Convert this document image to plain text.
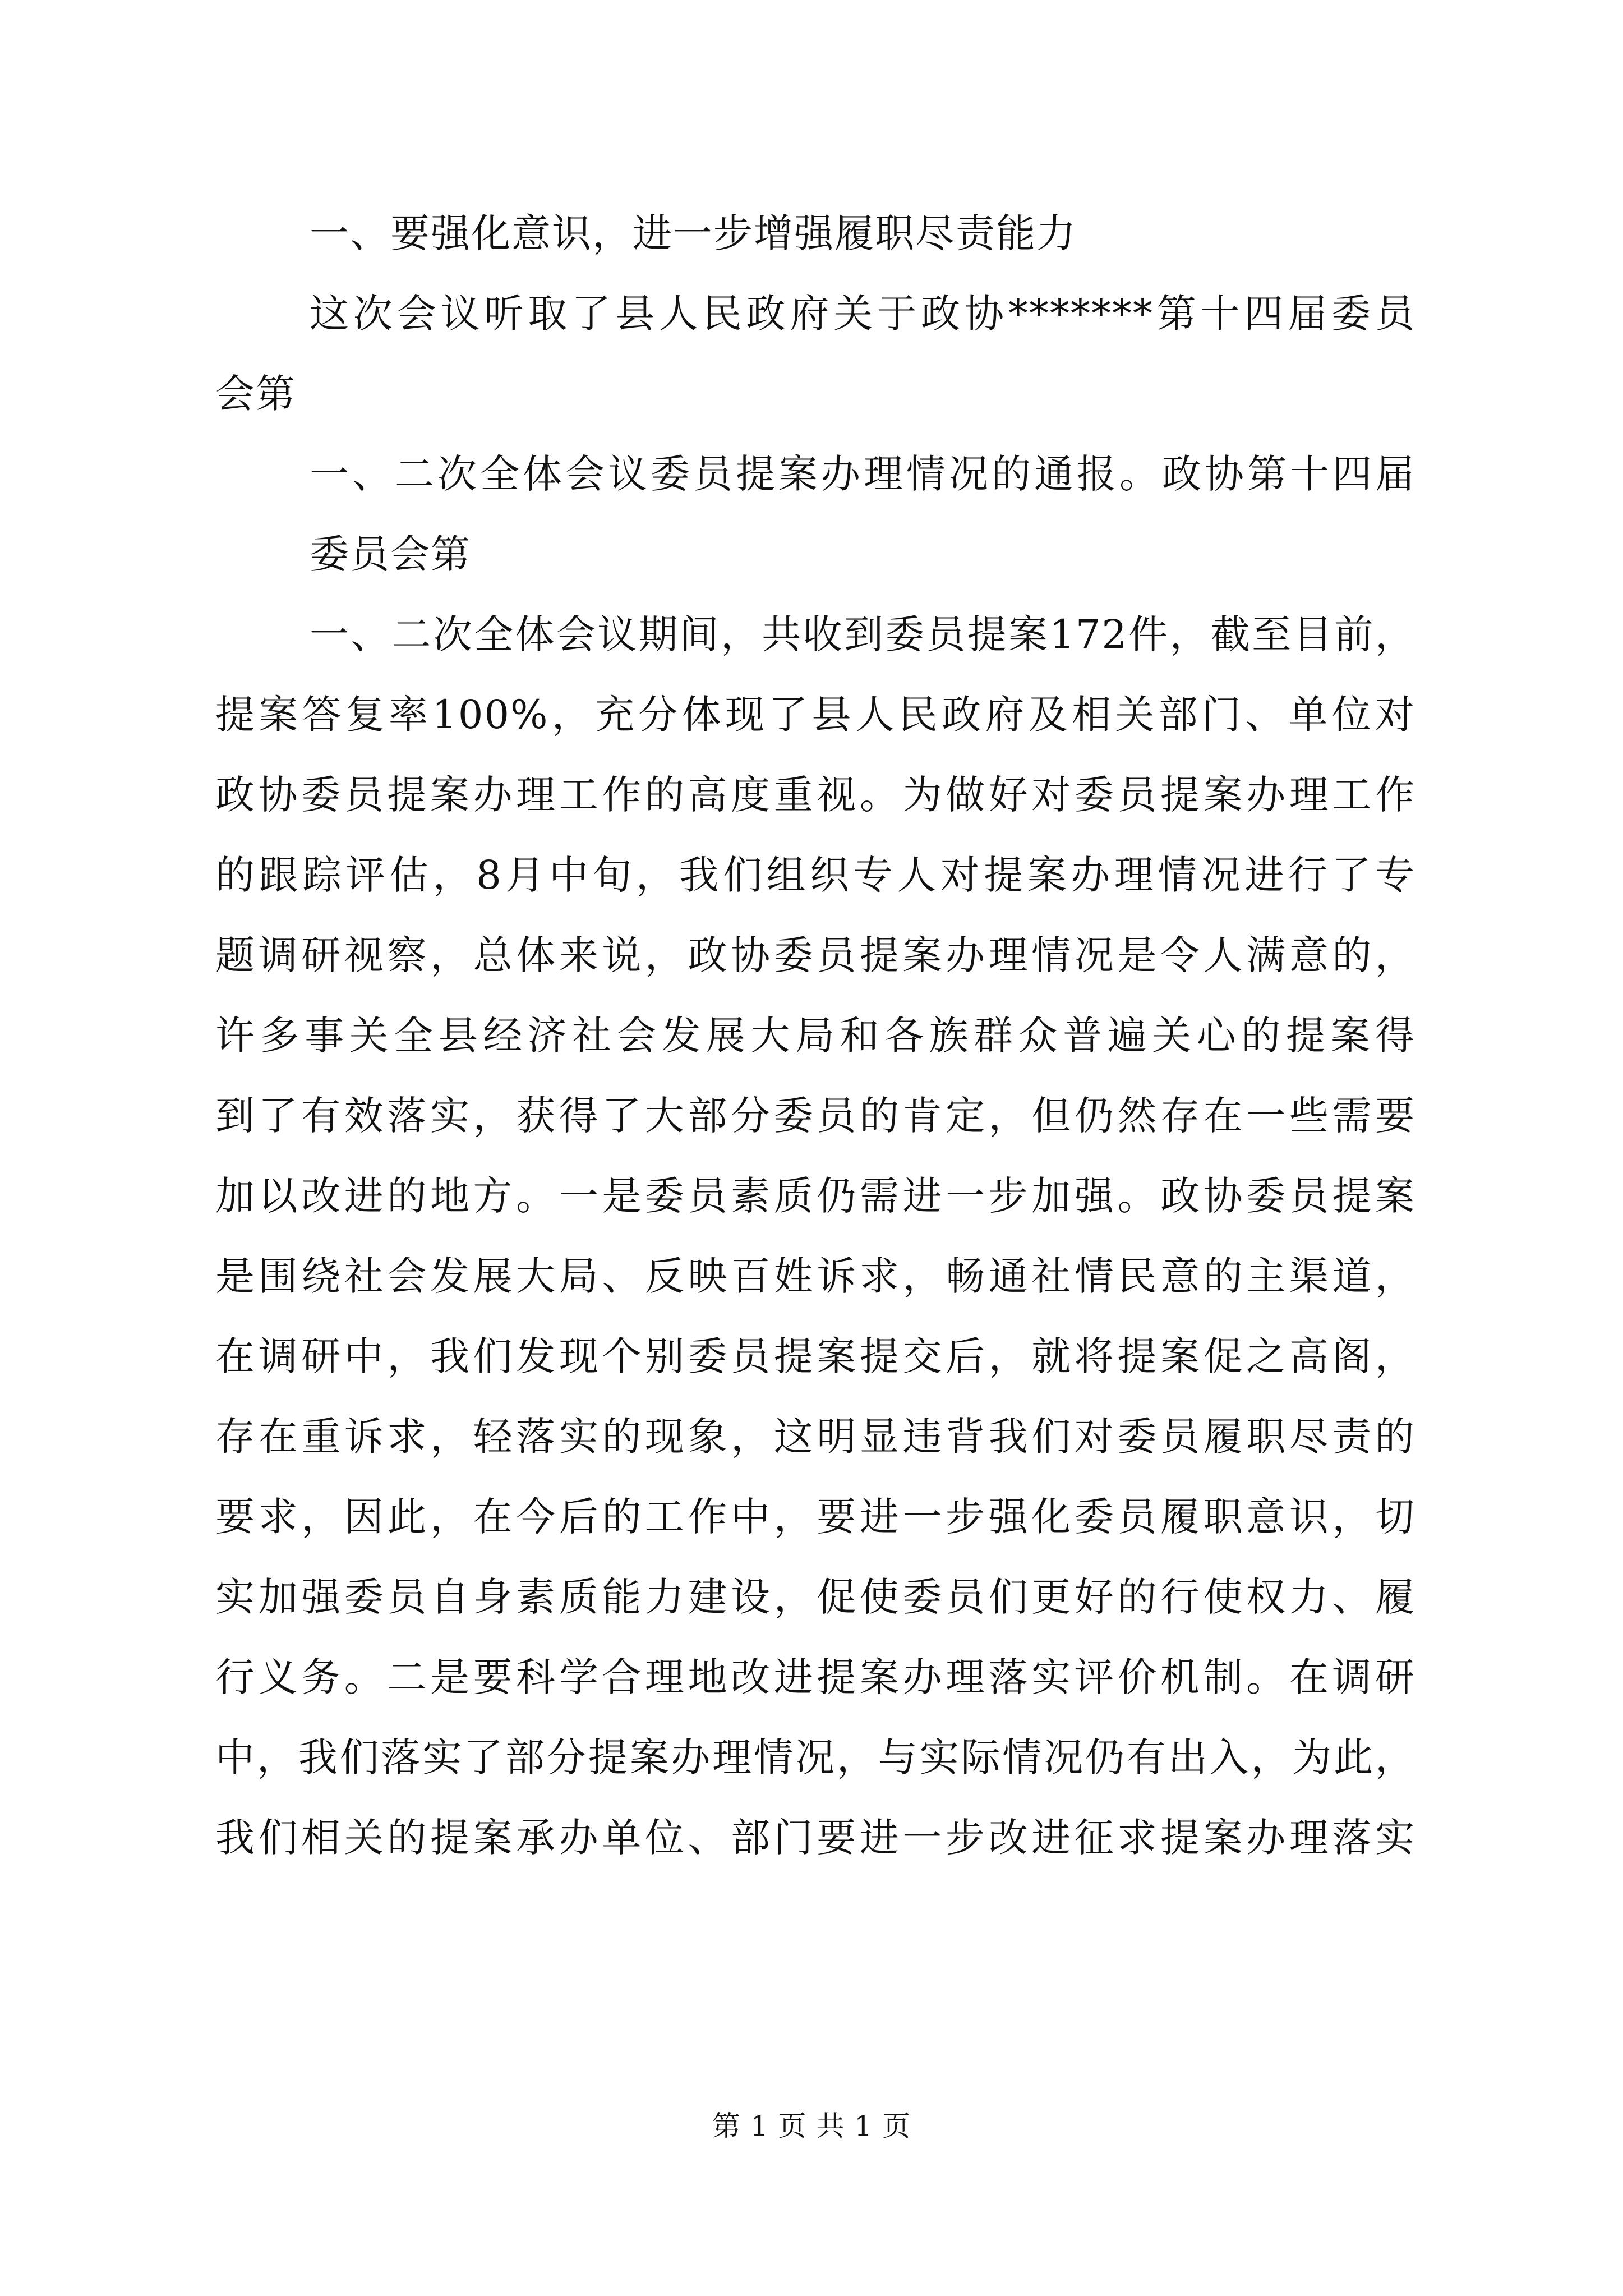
一、要强化意识，进一步增强履职尽责能力
这次会议听取了县人民政府关于政协*******第十四届委员
会第
一、二次全体会议委员提案办理情况的通报。政协第十四届
委员会第
一、二次全体会议期间，共收到委员提案172件，截至目前，
提案答复率100%，充分体现了县人民政府及相关部门、单位对
政协委员提案办理工作的高度重视。为做好对委员提案办理工作
的跟踪评估，8月中旬，我们组织专人对提案办理情况进行了专
题调研视察，总体来说，政协委员提案办理情况是令人满意的，
许多事关全县经济社会发展大局和各族群众普遍关心的提案得
到了有效落实，获得了大部分委员的肯定，但仍然存在一些需要
加以改进的地方。一是委员素质仍需进一步加强。政协委员提案
是围绕社会发展大局、反映百姓诉求，畅通社情民意的主渠道，
在调研中，我们发现个别委员提案提交后，就将提案促之高阁，
存在重诉求，轻落实的现象，这明显违背我们对委员履职尽责的
要求，因此，在今后的工作中，要进一步强化委员履职意识，切
实加强委员自身素质能力建设，促使委员们更好的行使权力、履
行义务。二是要科学合理地改进提案办理落实评价机制。在调研
中，我们落实了部分提案办理情况，与实际情况仍有出入，为此，
我们相关的提案承办单位、部门要进一步改进征求提案办理落实
第 1 页 共 1 页
